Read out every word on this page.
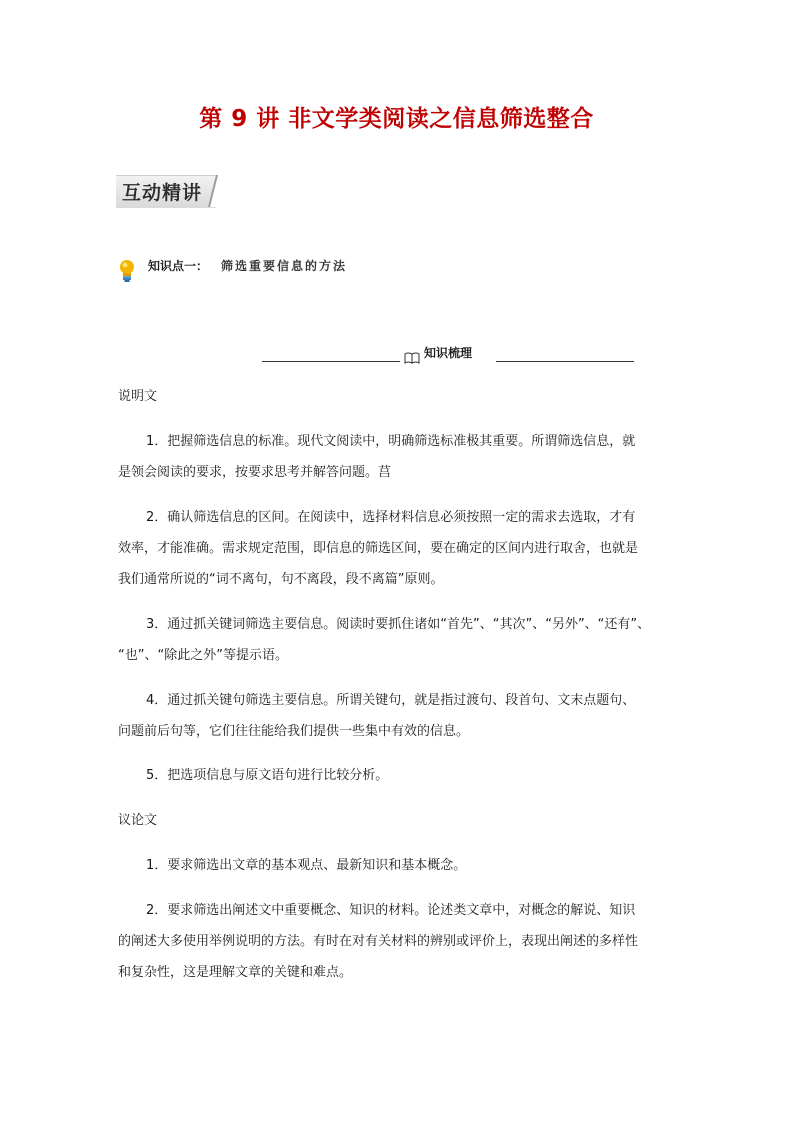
第 9 讲 非文学类阅读之信息筛选整合
互动精讲
知识点一： 筛选重要信息的方法
知识梳理
说明文
1．把握筛选信息的标准。现代文阅读中，明确筛选标准极其重要。所谓筛选信息，就
是领会阅读的要求，按要求思考并解答问题。莒
2．确认筛选信息的区间。在阅读中，选择材料信息必须按照一定的需求去选取，才有
效率，才能准确。需求规定范围，即信息的筛选区间，要在确定的区间内进行取舍，也就是
我们通常所说的“词不离句，句不离段，段不离篇”原则。
3．通过抓关键词筛选主要信息。阅读时要抓住诸如“首先”、“其次”、“另外”、“还有”、
“也”、“除此之外”等提示语。
4．通过抓关键句筛选主要信息。所谓关键句，就是指过渡句、段首句、文末点题句、
问题前后句等，它们往往能给我们提供一些集中有效的信息。
5．把选项信息与原文语句进行比较分析。
议论文
1．要求筛选出文章的基本观点、最新知识和基本概念。
2．要求筛选出阐述文中重要概念、知识的材料。论述类文章中，对概念的解说、知识
的阐述大多使用举例说明的方法。有时在对有关材料的辨别或评价上，表现出阐述的多样性
和复杂性，这是理解文章的关键和难点。
